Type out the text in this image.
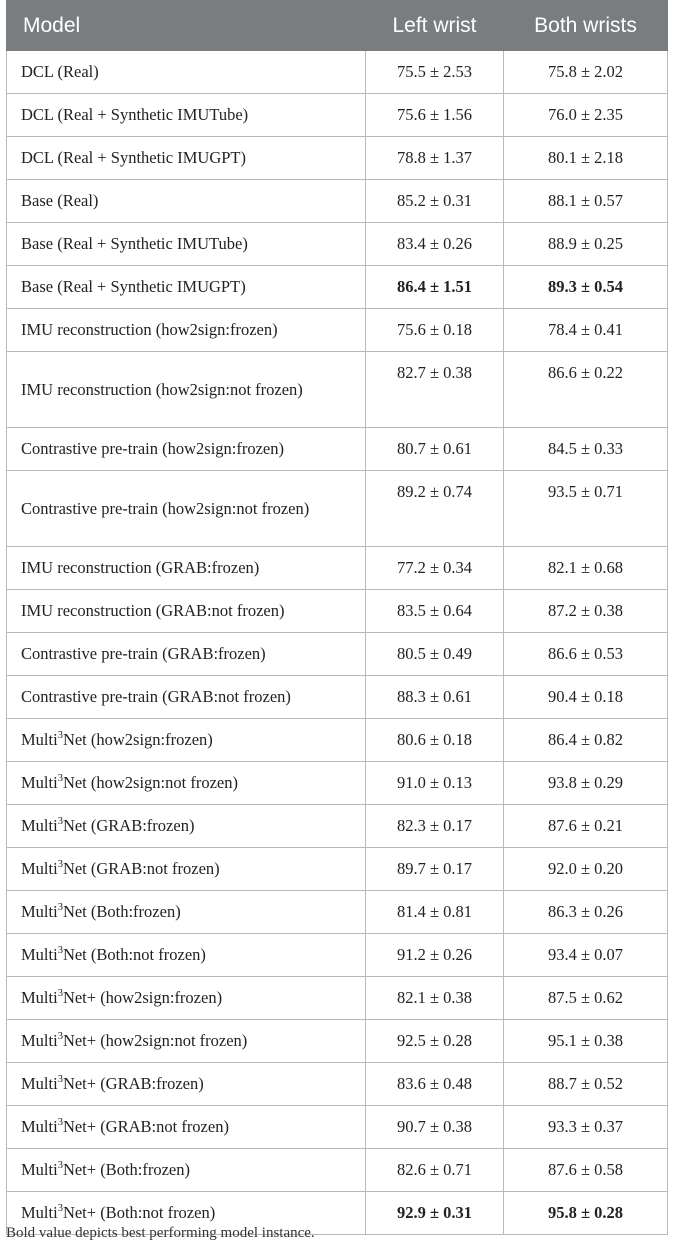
Model	Left wrist	Both wrists
DCL (Real)	75.5 ± 2.53	75.8 ± 2.02
DCL (Real + Synthetic IMUTube)	75.6 ± 1.56	76.0 ± 2.35
DCL (Real + Synthetic IMUGPT)	78.8 ± 1.37	80.1 ± 2.18
Base (Real)	85.2 ± 0.31	88.1 ± 0.57
Base (Real + Synthetic IMUTube)	83.4 ± 0.26	88.9 ± 0.25
Base (Real + Synthetic IMUGPT)	86.4 ± 1.51	89.3 ± 0.54
IMU reconstruction (how2sign:frozen)	75.6 ± 0.18	78.4 ± 0.41
IMU reconstruction (how2sign:not frozen)	82.7 ± 0.38	86.6 ± 0.22
Contrastive pre-train (how2sign:frozen)	80.7 ± 0.61	84.5 ± 0.33
Contrastive pre-train (how2sign:not frozen)	89.2 ± 0.74	93.5 ± 0.71
IMU reconstruction (GRAB:frozen)	77.2 ± 0.34	82.1 ± 0.68
IMU reconstruction (GRAB:not frozen)	83.5 ± 0.64	87.2 ± 0.38
Contrastive pre-train (GRAB:frozen)	80.5 ± 0.49	86.6 ± 0.53
Contrastive pre-train (GRAB:not frozen)	88.3 ± 0.61	90.4 ± 0.18
Multi$^3$Net (how2sign:frozen)	80.6 ± 0.18	86.4 ± 0.82
Multi$^3$Net (how2sign:not frozen)	91.0 ± 0.13	93.8 ± 0.29
Multi$^3$Net (GRAB:frozen)	82.3 ± 0.17	87.6 ± 0.21
Multi$^3$Net (GRAB:not frozen)	89.7 ± 0.17	92.0 ± 0.20
Multi$^3$Net (Both:frozen)	81.4 ± 0.81	86.3 ± 0.26
Multi$^3$Net (Both:not frozen)	91.2 ± 0.26	93.4 ± 0.07
Multi$^3$Net+ (how2sign:frozen)	82.1 ± 0.38	87.5 ± 0.62
Multi$^3$Net+ (how2sign:not frozen)	92.5 ± 0.28	95.1 ± 0.38
Multi$^3$Net+ (GRAB:frozen)	83.6 ± 0.48	88.7 ± 0.52
Multi$^3$Net+ (GRAB:not frozen)	90.7 ± 0.38	93.3 ± 0.37
Multi$^3$Net+ (Both:frozen)	82.6 ± 0.71	87.6 ± 0.58
Multi$^3$Net+ (Both:not frozen)	92.9 ± 0.31	95.8 ± 0.28
Bold value depicts best performing model instance.
